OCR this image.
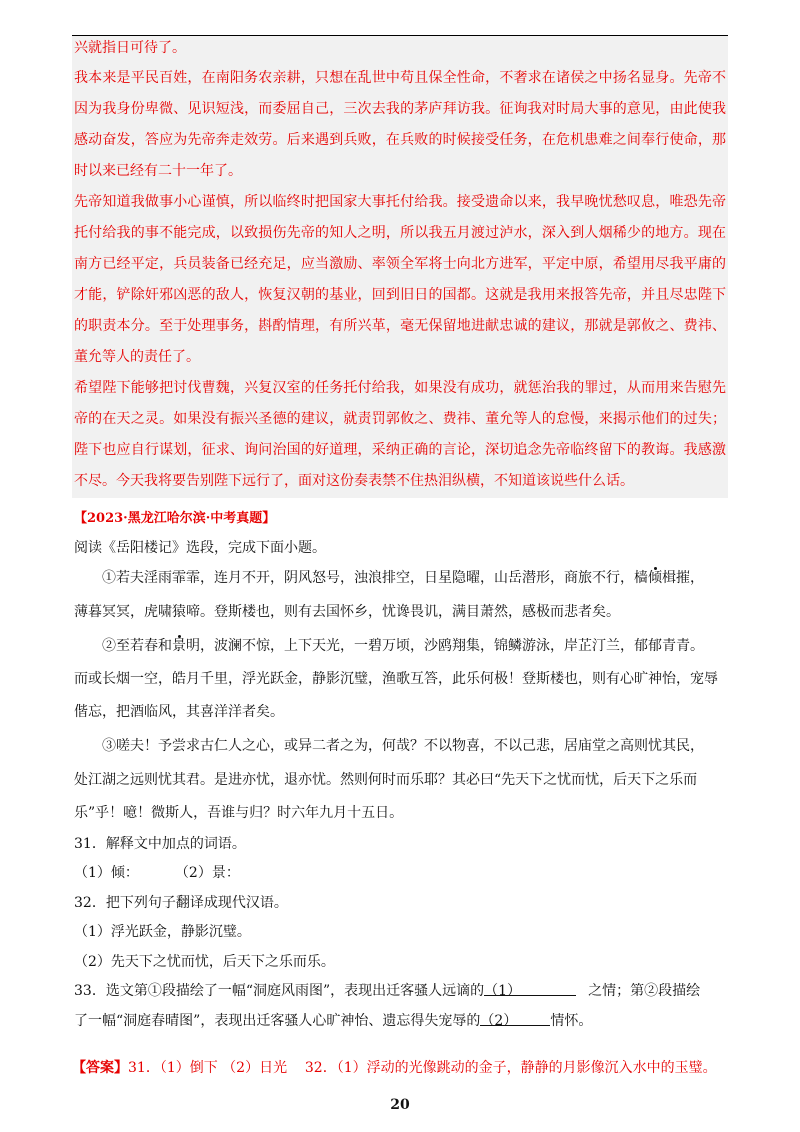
兴就指日可待了。
我本来是平民百姓，在南阳务农亲耕，只想在乱世中苟且保全性命，不奢求在诸侯之中扬名显身。先帝不
因为我身份卑微、见识短浅，而委屈自己，三次去我的茅庐拜访我。征询我对时局大事的意见，由此使我
感动奋发，答应为先帝奔走效劳。后来遇到兵败，在兵败的时候接受任务，在危机患难之间奉行使命，那
时以来已经有二十一年了。
先帝知道我做事小心谨慎，所以临终时把国家大事托付给我。接受遗命以来，我早晚忧愁叹息，唯恐先帝
托付给我的事不能完成，以致损伤先帝的知人之明，所以我五月渡过泸水，深入到人烟稀少的地方。现在
南方已经平定，兵员装备已经充足，应当激励、率领全军将士向北方进军，平定中原，希望用尽我平庸的
才能，铲除奸邪凶恶的敌人，恢复汉朝的基业，回到旧日的国都。这就是我用来报答先帝，并且尽忠陛下
的职责本分。至于处理事务，斟酌情理，有所兴革，毫无保留地进献忠诚的建议，那就是郭攸之、费祎、
董允等人的责任了。
希望陛下能够把讨伐曹魏，兴复汉室的任务托付给我，如果没有成功，就惩治我的罪过，从而用来告慰先
帝的在天之灵。如果没有振兴圣德的建议，就责罚郭攸之、费祎、董允等人的怠慢，来揭示他们的过失；
陛下也应自行谋划，征求、询问治国的好道理，采纳正确的言论，深切追念先帝临终留下的教诲。我感激
不尽。今天我将要告别陛下远行了，面对这份奏表禁不住热泪纵横，不知道该说些什么话。
【2023·黑龙江哈尔滨·中考真题】
阅读《岳阳楼记》选段，完成下面小题。
①若夫淫雨霏霏，连月不开，阴风怒号，浊浪排空，日星隐曜，山岳潜形，商旅不行，樯倾楫摧，
薄暮冥冥，虎啸猿啼。登斯楼也，则有去国怀乡，忧谗畏讥，满目萧然，感极而悲者矣。
②至若春和景明，波澜不惊，上下天光，一碧万顷，沙鸥翔集，锦鳞游泳，岸芷汀兰，郁郁青青。
而或长烟一空，皓月千里，浮光跃金，静影沉璧，渔歌互答，此乐何极！登斯楼也，则有心旷神怡，宠辱
偕忘，把酒临风，其喜洋洋者矣。
③嗟夫！予尝求古仁人之心，或异二者之为，何哉？不以物喜，不以己悲，居庙堂之高则忧其民，
处江湖之远则忧其君。是进亦忧，退亦忧。然则何时而乐耶？其必曰“先天下之忧而忧，后天下之乐而
乐”乎！噫！微斯人，吾谁与归？时六年九月十五日。
31．解释文中加点的词语。
（1）倾：	（2）景：
32．把下列句子翻译成现代汉语。
（1）浮光跃金，静影沉璧。
（2）先天下之忧而忧，后天下之乐而乐。
33．选文第①段描绘了一幅“洞庭风雨图”，表现出迁客骚人远谪的（1）	之情；第②段描绘
了一幅“洞庭春晴图”，表现出迁客骚人心旷神怡、遗忘得失宠辱的（2） 情怀。
【答案】31．（1）倒下 （2）日光    32．（1）浮动的光像跳动的金子，静静的月影像沉入水中的玉璧。
20
